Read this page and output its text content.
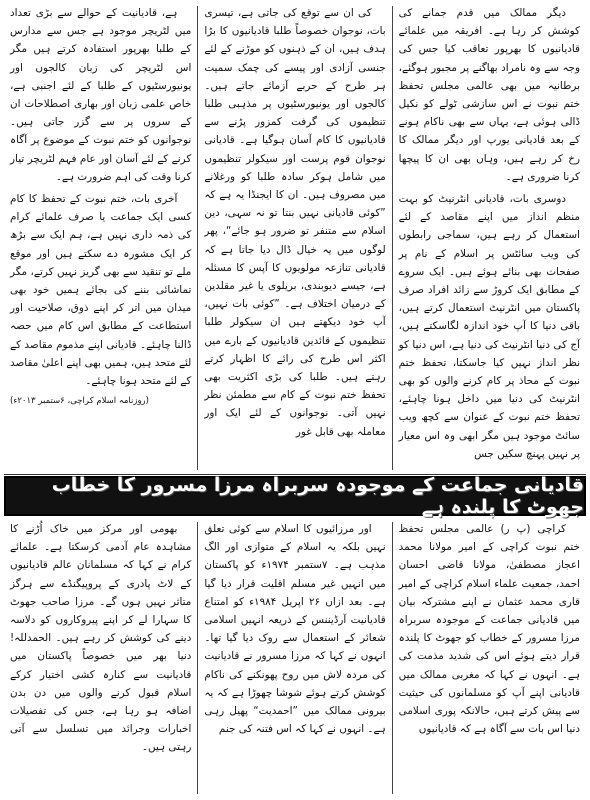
دیگر ممالک میں قدم جمانے کی کوشش کر رہا ہے۔ افریقہ میں علمائے قادیانیوں کا بھرپور تعاقب کیا جس کی وجہ سے وہ نامراد بھاگنے پر مجبور ہوگئے، برطانیہ میں بھی عالمی مجلس تحفظ ختم نبوت نے اس سازشی ٹولے کو نکیل ڈالی ہوئی ہے، یہاں سے بھی ناکام ہونے کے بعد قادیانی یورپ اور دیگر ممالک کا رخ کر رہے ہیں، وہاں بھی ان کا پیچھا کرنا ضروری ہے۔

دوسری بات، قادیانی انٹرنیٹ کو بہت منظم انداز میں اپنے مقاصد کے لئے استعمال کر رہے ہیں، سماجی رابطوں کی ویب سائٹس پر اسلام کے نام پر صفحات بھی بنائے ہوئے ہیں۔ ایک سروے کے مطابق ایک کروڑ سے زائد افراد صرف پاکستان میں انٹرنیٹ استعمال کرتے ہیں، باقی دنیا کا آپ خود اندازہ لگاسکتے ہیں، آج کی دنیا انٹرنیٹ کی دنیا ہے، اس دنیا کو نظر انداز نہیں کیا جاسکتا، تحفظ ختم نبوت کے محاذ پر کام کرنے والوں کو بھی انٹرنیٹ کی دنیا میں داخل ہونا چاہئے، تحفظ ختم نبوت کے عنوان سے کچھ ویب سائٹ موجود ہیں مگر ابھی وہ اس معیار پر نہیں پہنچ سکیں جس

کی ان سے توقع کی جاتی ہے، تیسری بات، نوجوان خصوصاً طلبا قادیانیوں کا بڑا ہدف ہیں، ان کے ذہنوں کو موڑنے کے لئے جنسی آزادی اور پیسے کی چمک سمیت ہر طرح کے حربے آزمائے جاتے ہیں۔ کالجوں اور یونیورسٹیوں پر مذہبی طلبا تنظیموں کی گرفت کمزور پڑنے سے قادیانیوں کا کام آسان ہوگیا ہے۔ قادیانی نوجوان قوم پرست اور سیکولر تنظیموں میں شامل ہوکر سادہ طلبا کو ورغلانے میں مصروف ہیں۔ ان کا ایجنڈا یہ ہے کہ ”کوئی قادیانی نہیں بنتا تو نہ سہی، دین اسلام سے متنفر تو ضرور ہو جائے“، پھر لوگوں میں یہ خیال ڈال دیا جاتا ہے کہ قادیانی تنازعہ مولویوں کا آپس کا مسئلہ ہے، جیسے دیوبندی، بریلوی یا غیر مقلدین کے درمیان اختلاف ہے۔ ”کوئی بات نہیں، آپ خود دیکھتے ہیں ان سیکولر طلبا تنظیموں کے قائدین قادیانیوں کے بارے میں اکثر اس طرح کی رائے کا اظہار کرتے رہتے ہیں۔ طلبا کی بڑی اکثریت بھی تحفظ ختم نبوت کے کام سے مطمئن نظر نہیں آتی۔ نوجوانوں کے لئے ایک اور معاملہ بھی قابل غور

ہے، قادیانیت کے حوالے سے بڑی تعداد میں لٹریچر موجود ہے جس سے مدارس کے طلبا بھرپور استفادہ کرتے ہیں مگر اس لٹریچر کی زبان کالجوں اور یونیورسٹیوں کے طلبا کے لئے اجنبی ہے، خاص علمی زبان اور بھاری اصطلاحات ان کے سروں پر سے گزر جاتی ہیں۔ نوجوانوں کو ختم نبوت کے موضوع پر آگاہ کرنے کے لئے آسان اور عام فہم لٹریچر تیار کرنا وقت کی اہم ضرورت ہے۔

آخری بات، ختم نبوت کے تحفظ کا کام کسی ایک جماعت یا صرف علمائے کرام کی ذمہ داری نہیں ہے، ہم ایک سے بڑھ کر ایک مشورہ دے سکتے ہیں اور موقع ملے تو تنقید سے بھی گریز نہیں کرتے، مگر تماشائی بننے کی بجائے ہمیں خود بھی میدان میں اتر کر اپنے ذوق، صلاحیت اور استطاعت کے مطابق اس کام میں حصہ ڈالنا چاہئے۔ قادیانی اپنے مذموم مقاصد کے لئے متحد ہیں، ہمیں بھی اپنے اعلیٰ مقاصد کے لئے متحد ہونا چاہئے۔

(روزنامہ اسلام کراچی، ۶ستمبر ۲۰۱۳ء)
قادیانی جماعت کے موجودہ سربراہ مرزا مسرور کا خطاب جھوٹ کا پلندہ ہے

کراچی (پ ر) عالمی مجلس تحفظ ختم نبوت کراچی کے امیر مولانا محمد اعجاز مصطفیٰ، مولانا قاضی احسان احمد، جمعیت علماء اسلام کراچی کے امیر قاری محمد عثمان نے اپنے مشترکہ بیان میں قادیانی جماعت کے موجودہ سربراہ مرزا مسرور کے خطاب کو جھوٹ کا پلندہ قرار دیتے ہوئے اس کی شدید مذمت کی ہے۔ انہوں نے کہا کہ مغربی ممالک میں قادیانی اپنے آپ کو مسلمانوں کی حیثیت سے پیش کرتے ہیں، حالانکہ پوری اسلامی دنیا اس بات سے آگاہ ہے کہ قادیانیوں

اور مرزائیوں کا اسلام سے کوئی تعلق نہیں بلکہ یہ اسلام کے متوازی اور الگ مذہب ہے۔ ۷ستمبر ۱۹۷۴ء کو پاکستان میں انہیں غیر مسلم اقلیت قرار دیا گیا ہے۔ بعد ازاں ۲۶ اپریل ۱۹۸۴ء کو امتناع قادیانیت آرڈیننس کے ذریعہ انہیں اسلامی شعائر کے استعمال سے روک دیا گیا تھا۔ انہوں نے کہا کہ مرزا مسرور نے قادیانیت کی مردہ لاش میں روح پھونکنے کی ناکام کوشش کرتے ہوئے شوشا چھوڑا ہے کہ یہ بیرونی ممالک میں ”احمدیت“ پھیل رہی ہے۔ انہوں نے کہا کہ اس فتنہ کی جنم

بھومی اور مرکز میں خاک اُڑنے کا مشاہدہ عام آدمی کرسکتا ہے۔ علمائے کرام نے کہا کہ مسلمانان عالم قادیانیوں کے لاٹ پادری کے پروپیگنڈے سے ہرگز متاثر نہیں ہوں گے۔ مرزا صاحب جھوٹ کا سہارا لے کر اپنے پیروکاروں کو دلاسہ دینے کی کوشش کر رہے ہیں۔ الحمدللہ! دنیا بھر میں خصوصاً پاکستان میں قادیانیت سے کنارہ کشی اختیار کرکے اسلام قبول کرنے والوں میں دن بدن اضافہ ہو رہا ہے، جس کی تفصیلات اخبارات وجرائد میں تسلسل سے آتی رہتی ہیں۔
